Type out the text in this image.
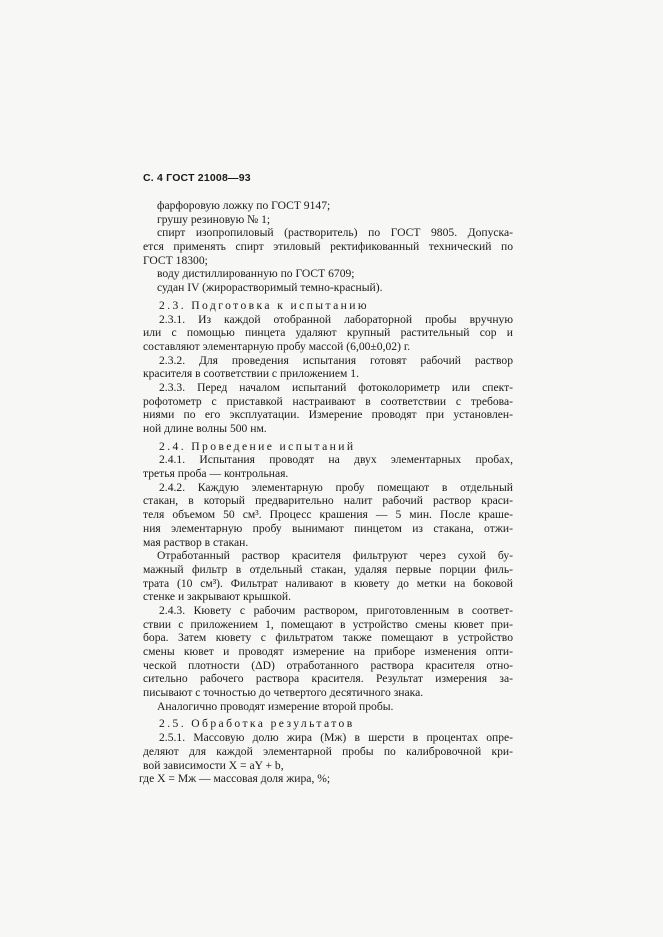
С. 4 ГОСТ 21008—93
фарфоровую ложку по ГОСТ 9147;
грушу резиновую № 1;
спирт изопропиловый (растворитель) по ГОСТ 9805. Допуска-
ется применять спирт этиловый ректификованный технический по
ГОСТ 18300;
воду дистиллированную по ГОСТ 6709;
судан IV (жирорастворимый темно-красный).
2.3. Подготовка к испытанию
2.3.1. Из каждой отобранной лабораторной пробы вручную
или с помощью пинцета удаляют крупный растительный сор и
составляют элементарную пробу массой (6,00±0,02) г.
2.3.2. Для проведения испытания готовят рабочий раствор
красителя в соответствии с приложением 1.
2.3.3. Перед началом испытаний фотоколориметр или спект-
рофотометр с приставкой настраивают в соответствии с требова-
ниями по его эксплуатации. Измерение проводят при установлен-
ной длине волны 500 нм.
2.4. Проведение испытаний
2.4.1. Испытания проводят на двух элементарных пробах,
третья проба — контрольная.
2.4.2. Каждую элементарную пробу помещают в отдельный
стакан, в который предварительно налит рабочий раствор краси-
теля объемом 50 см³. Процесс крашения — 5 мин. После краше-
ния элементарную пробу вынимают пинцетом из стакана, отжи-
мая раствор в стакан.
Отработанный раствор красителя фильтруют через сухой бу-
мажный фильтр в отдельный стакан, удаляя первые порции филь-
трата (10 см³). Фильтрат наливают в кювету до метки на боковой
стенке и закрывают крышкой.
2.4.3. Кювету с рабочим раствором, приготовленным в соответ-
ствии с приложением 1, помещают в устройство смены кювет при-
бора. Затем кювету с фильтратом также помещают в устройство
смены кювет и проводят измерение на приборе изменения опти-
ческой плотности (ΔD) отработанного раствора красителя отно-
сительно рабочего раствора красителя. Результат измерения за-
писывают с точностью до четвертого десятичного знака.
Аналогично проводят измерение второй пробы.
2.5. Обработка результатов
2.5.1. Массовую долю жира (Мж) в шерсти в процентах опре-
деляют для каждой элементарной пробы по калибровочной кри-
вой зависимости X = aY + b,
где X = Мж — массовая доля жира, %;
